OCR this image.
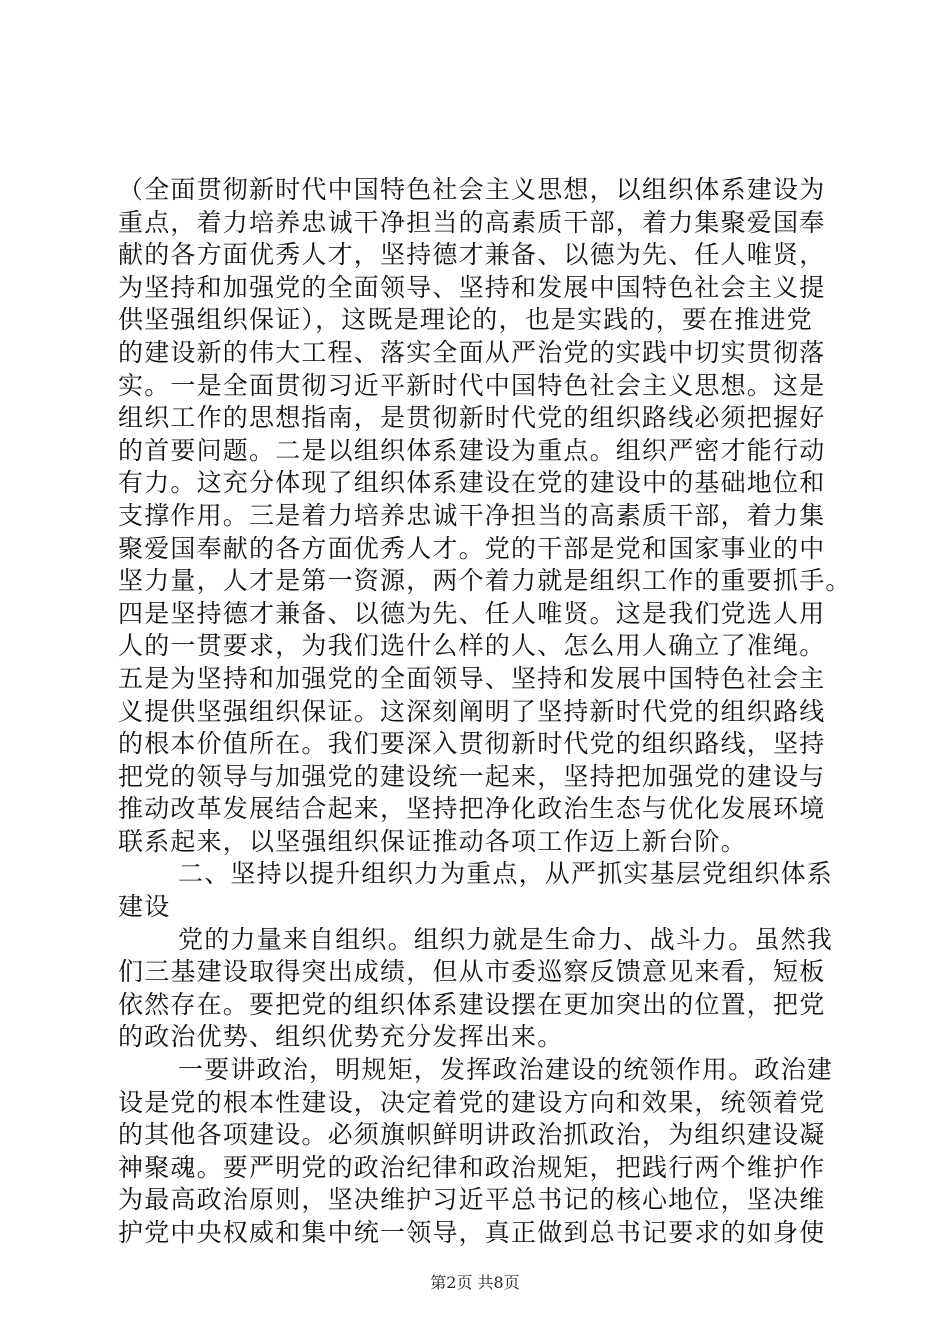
（全面贯彻新时代中国特色社会主义思想，以组织体系建设为
重点，着力培养忠诚干净担当的高素质干部，着力集聚爱国奉
献的各方面优秀人才，坚持德才兼备、以德为先、任人唯贤，
为坚持和加强党的全面领导、坚持和发展中国特色社会主义提
供坚强组织保证），这既是理论的，也是实践的，要在推进党
的建设新的伟大工程、落实全面从严治党的实践中切实贯彻落
实。一是全面贯彻习近平新时代中国特色社会主义思想。这是
组织工作的思想指南，是贯彻新时代党的组织路线必须把握好
的首要问题。二是以组织体系建设为重点。组织严密才能行动
有力。这充分体现了组织体系建设在党的建设中的基础地位和
支撑作用。三是着力培养忠诚干净担当的高素质干部，着力集
聚爱国奉献的各方面优秀人才。党的干部是党和国家事业的中
坚力量，人才是第一资源，两个着力就是组织工作的重要抓手。
四是坚持德才兼备、以德为先、任人唯贤。这是我们党选人用
人的一贯要求，为我们选什么样的人、怎么用人确立了准绳。
五是为坚持和加强党的全面领导、坚持和发展中国特色社会主
义提供坚强组织保证。这深刻阐明了坚持新时代党的组织路线
的根本价值所在。我们要深入贯彻新时代党的组织路线，坚持
把党的领导与加强党的建设统一起来，坚持把加强党的建设与
推动改革发展结合起来，坚持把净化政治生态与优化发展环境
联系起来，以坚强组织保证推动各项工作迈上新台阶。
二、坚持以提升组织力为重点，从严抓实基层党组织体系
建设
党的力量来自组织。组织力就是生命力、战斗力。虽然我
们三基建设取得突出成绩，但从市委巡察反馈意见来看，短板
依然存在。要把党的组织体系建设摆在更加突出的位置，把党
的政治优势、组织优势充分发挥出来。
一要讲政治，明规矩，发挥政治建设的统领作用。政治建
设是党的根本性建设，决定着党的建设方向和效果，统领着党
的其他各项建设。必须旗帜鲜明讲政治抓政治，为组织建设凝
神聚魂。要严明党的政治纪律和政治规矩，把践行两个维护作
为最高政治原则，坚决维护习近平总书记的核心地位，坚决维
护党中央权威和集中统一领导，真正做到总书记要求的如身使
第2页 共8页
